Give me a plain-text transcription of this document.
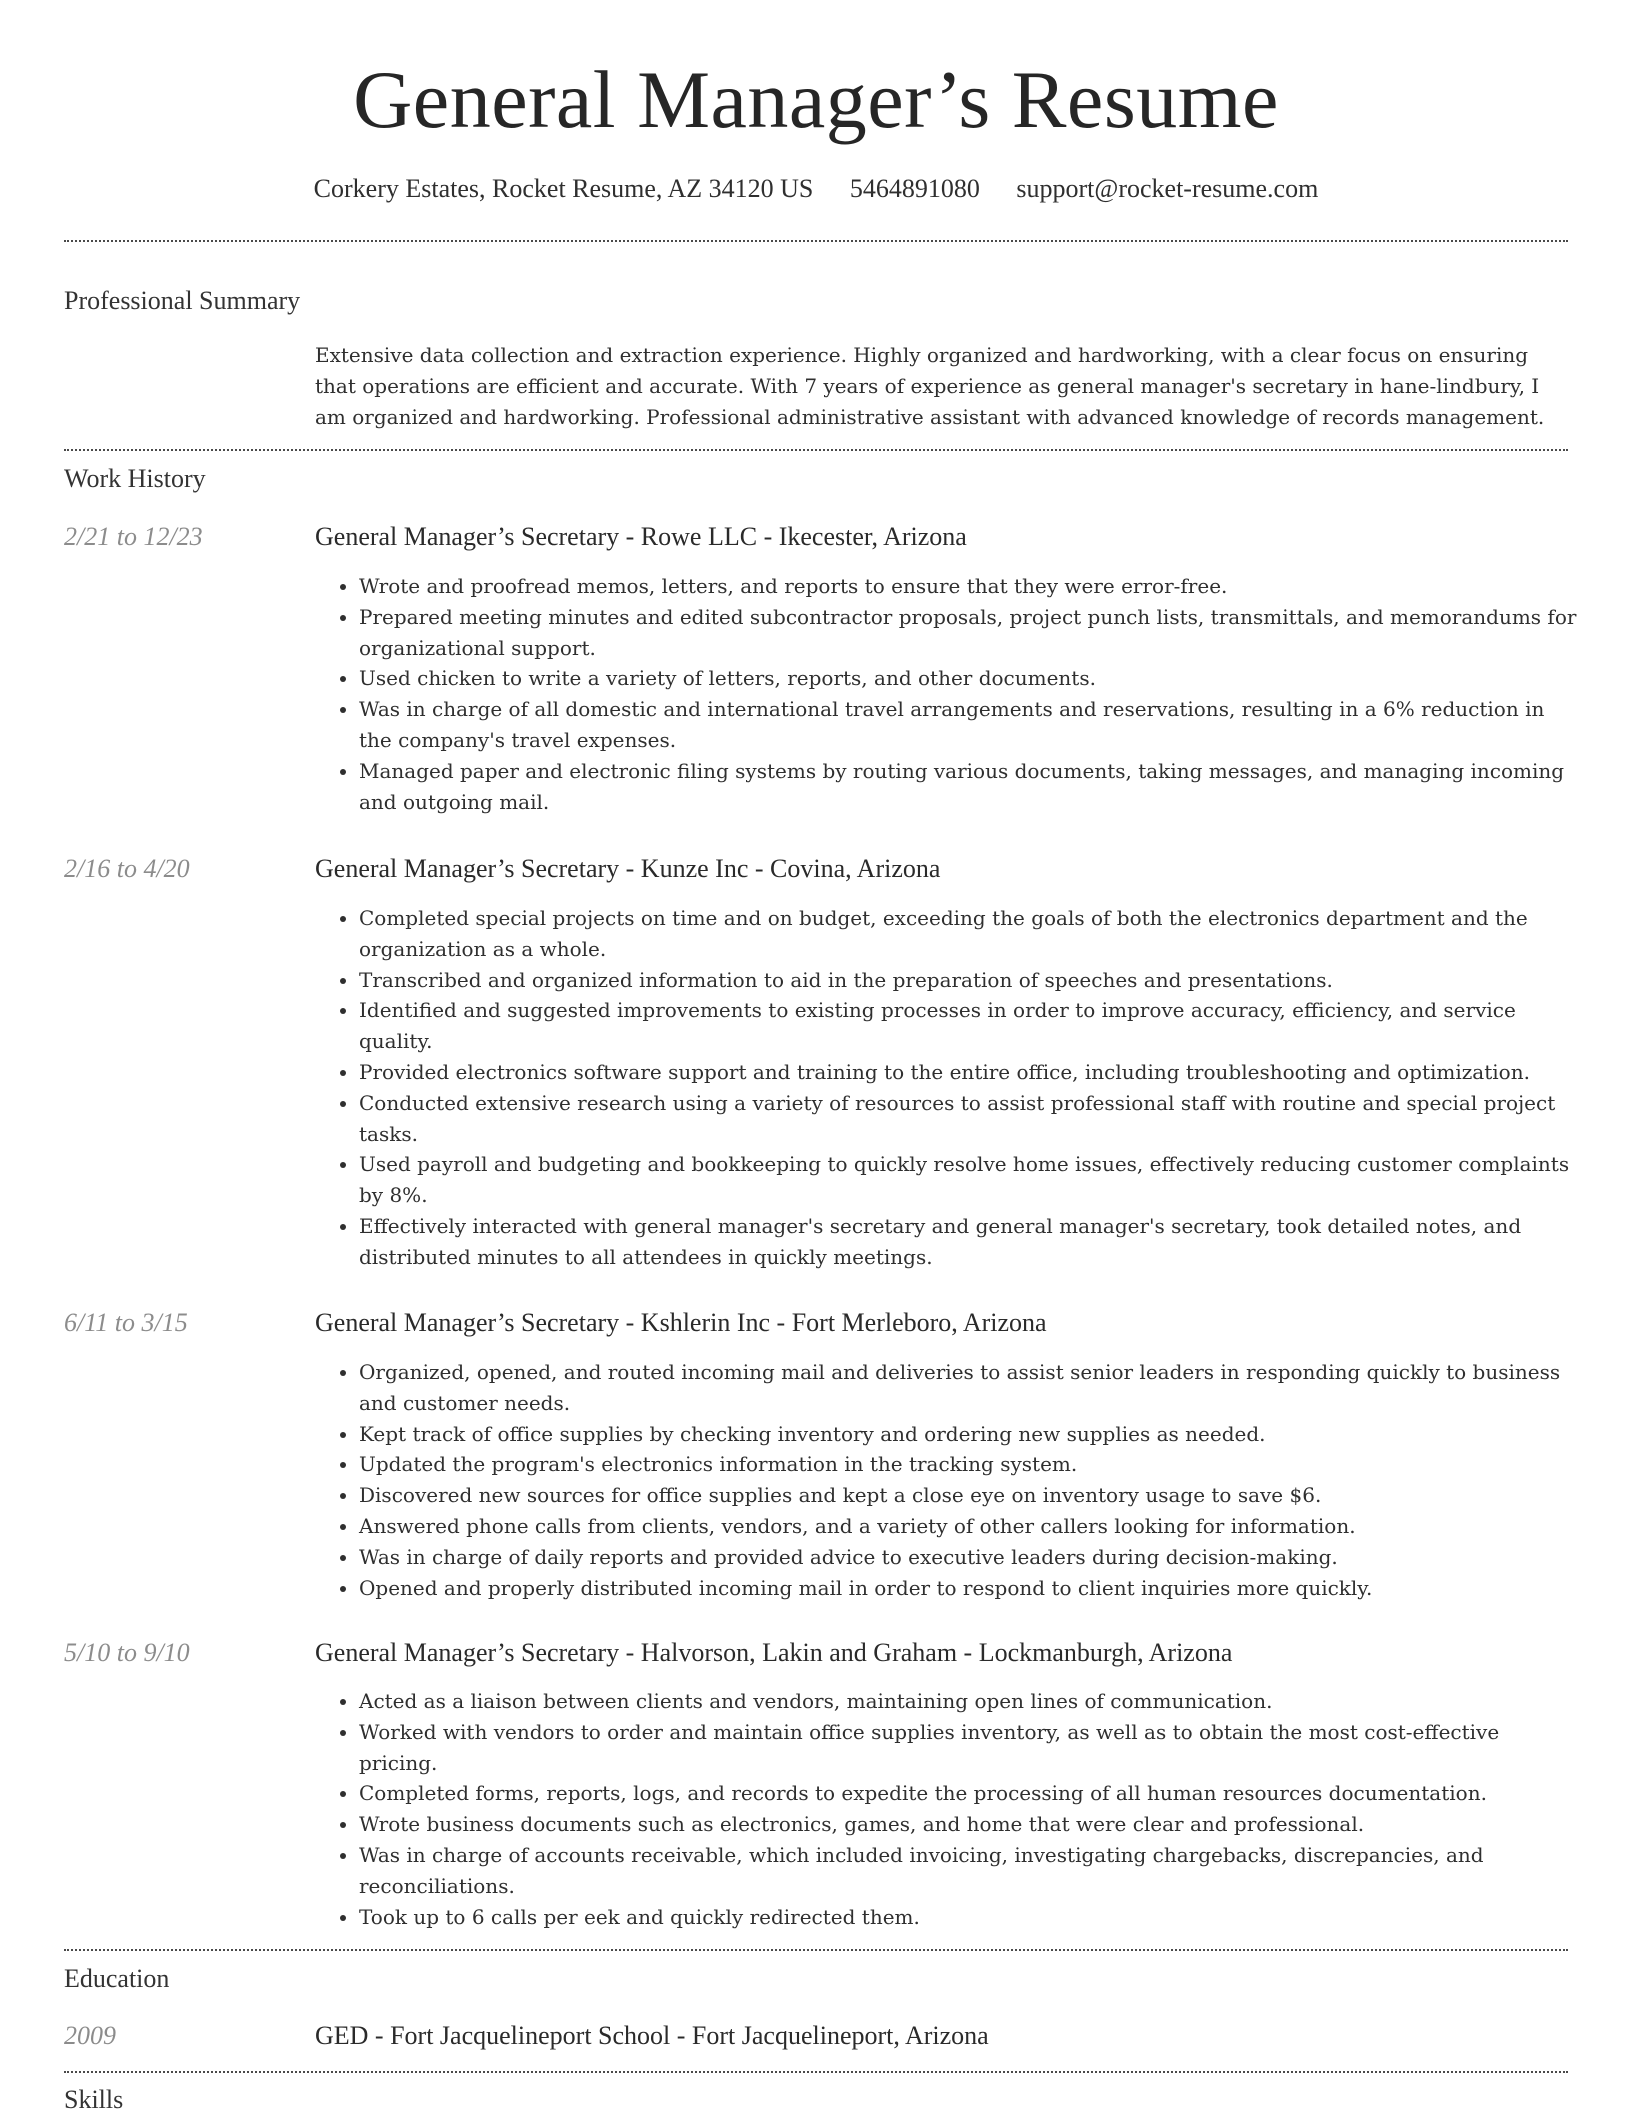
General Manager’s Resume
Corkery Estates, Rocket Resume, AZ 34120 US 5464891080 support@rocket-resume.com
Professional Summary

Extensive data collection and extraction experience. Highly organized and hardworking, with a clear focus on ensuring that operations are efficient and accurate. With 7 years of experience as general manager's secretary in hane-lindbury, I am organized and hardworking. Professional administrative assistant with advanced knowledge of records management.

Work History
2/21 to 12/23	General Manager’s Secretary - Rowe LLC - Ikecester, Arizona
• Wrote and proofread memos, letters, and reports to ensure that they were error-free.
• Prepared meeting minutes and edited subcontractor proposals, project punch lists, transmittals, and memorandums for organizational support.
• Used chicken to write a variety of letters, reports, and other documents.
• Was in charge of all domestic and international travel arrangements and reservations, resulting in a 6% reduction in the company's travel expenses.
• Managed paper and electronic filing systems by routing various documents, taking messages, and managing incoming and outgoing mail.
2/16 to 4/20	General Manager’s Secretary - Kunze Inc - Covina, Arizona
• Completed special projects on time and on budget, exceeding the goals of both the electronics department and the organization as a whole.
• Transcribed and organized information to aid in the preparation of speeches and presentations.
• Identified and suggested improvements to existing processes in order to improve accuracy, efficiency, and service quality.
• Provided electronics software support and training to the entire office, including troubleshooting and optimization.
• Conducted extensive research using a variety of resources to assist professional staff with routine and special project tasks.
• Used payroll and budgeting and bookkeeping to quickly resolve home issues, effectively reducing customer complaints by 8%.
• Effectively interacted with general manager's secretary and general manager's secretary, took detailed notes, and distributed minutes to all attendees in quickly meetings.
6/11 to 3/15	General Manager’s Secretary - Kshlerin Inc - Fort Merleboro, Arizona
• Organized, opened, and routed incoming mail and deliveries to assist senior leaders in responding quickly to business and customer needs.
• Kept track of office supplies by checking inventory and ordering new supplies as needed.
• Updated the program's electronics information in the tracking system.
• Discovered new sources for office supplies and kept a close eye on inventory usage to save $6.
• Answered phone calls from clients, vendors, and a variety of other callers looking for information.
• Was in charge of daily reports and provided advice to executive leaders during decision-making.
• Opened and properly distributed incoming mail in order to respond to client inquiries more quickly.
5/10 to 9/10	General Manager’s Secretary - Halvorson, Lakin and Graham - Lockmanburgh, Arizona
• Acted as a liaison between clients and vendors, maintaining open lines of communication.
• Worked with vendors to order and maintain office supplies inventory, as well as to obtain the most cost-effective pricing.
• Completed forms, reports, logs, and records to expedite the processing of all human resources documentation.
• Wrote business documents such as electronics, games, and home that were clear and professional.
• Was in charge of accounts receivable, which included invoicing, investigating chargebacks, discrepancies, and reconciliations.
• Took up to 6 calls per eek and quickly redirected them.
Education
2009	GED - Fort Jacquelineport School - Fort Jacquelineport, Arizona
Skills
